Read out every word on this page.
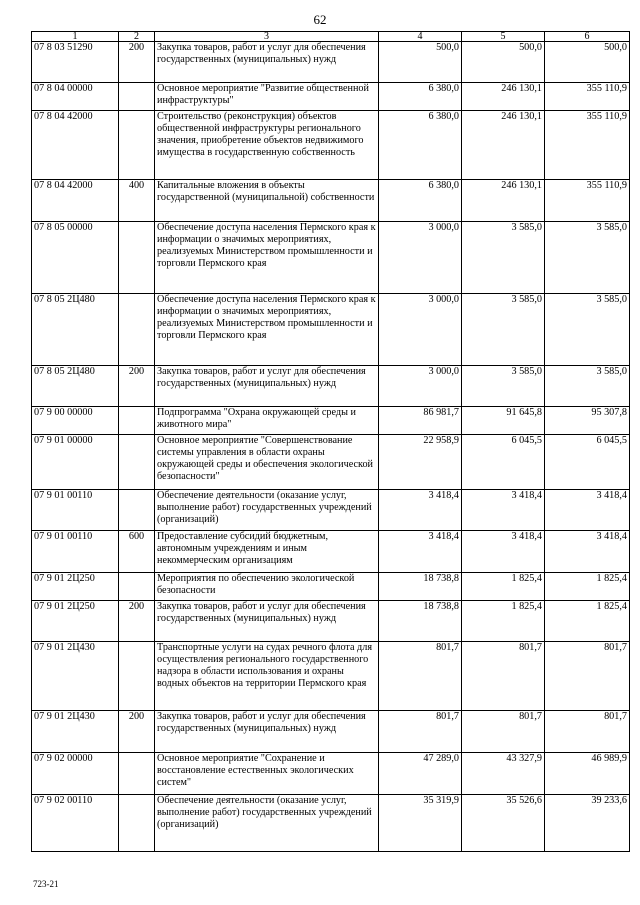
62
1	2	3	4	5	6
07 8 03 51290	200	Закупка товаров, работ и услуг для обеспечения государственных (муниципальных) нужд	500,0	500,0	500,0
07 8 04 00000		Основное мероприятие "Развитие общественной инфраструктуры"	6 380,0	246 130,1	355 110,9
07 8 04 42000		Строительство (реконструкция) объектов общественной инфраструктуры регионального значения, приобретение объектов недвижимого имущества в государственную собственность	6 380,0	246 130,1	355 110,9
07 8 04 42000	400	Капитальные вложения в объекты государственной (муниципальной) собственности	6 380,0	246 130,1	355 110,9
07 8 05 00000		Обеспечение доступа населения Пермского края к информации о значимых мероприятиях, реализуемых Министерством промышленности и торговли Пермского края	3 000,0	3 585,0	3 585,0
07 8 05 2Ц480		Обеспечение доступа населения Пермского края к информации о значимых мероприятиях, реализуемых Министерством промышленности и торговли Пермского края	3 000,0	3 585,0	3 585,0
07 8 05 2Ц480	200	Закупка товаров, работ и услуг для обеспечения государственных (муниципальных) нужд	3 000,0	3 585,0	3 585,0
07 9 00 00000		Подпрограмма "Охрана окружающей среды и животного мира"	86 981,7	91 645,8	95 307,8
07 9 01 00000		Основное мероприятие "Совершенствование системы управления в области охраны окружающей среды и обеспечения экологической безопасности"	22 958,9	6 045,5	6 045,5
07 9 01 00110		Обеспечение деятельности (оказание услуг, выполнение работ) государственных учреждений (организаций)	3 418,4	3 418,4	3 418,4
07 9 01 00110	600	Предоставление субсидий бюджетным, автономным учреждениям и иным некоммерческим организациям	3 418,4	3 418,4	3 418,4
07 9 01 2Ц250		Мероприятия по обеспечению экологической безопасности	18 738,8	1 825,4	1 825,4
07 9 01 2Ц250	200	Закупка товаров, работ и услуг для обеспечения государственных (муниципальных) нужд	18 738,8	1 825,4	1 825,4
07 9 01 2Ц430		Транспортные услуги на судах речного флота для осуществления регионального государственного надзора в области использования и охраны водных объектов на территории Пермского края	801,7	801,7	801,7
07 9 01 2Ц430	200	Закупка товаров, работ и услуг для обеспечения государственных (муниципальных) нужд	801,7	801,7	801,7
07 9 02 00000		Основное мероприятие "Сохранение и восстановление естественных экологических систем"	47 289,0	43 327,9	46 989,9
07 9 02 00110		Обеспечение деятельности (оказание услуг, выполнение работ) государственных учреждений (организаций)	35 319,9	35 526,6	39 233,6
723-21
